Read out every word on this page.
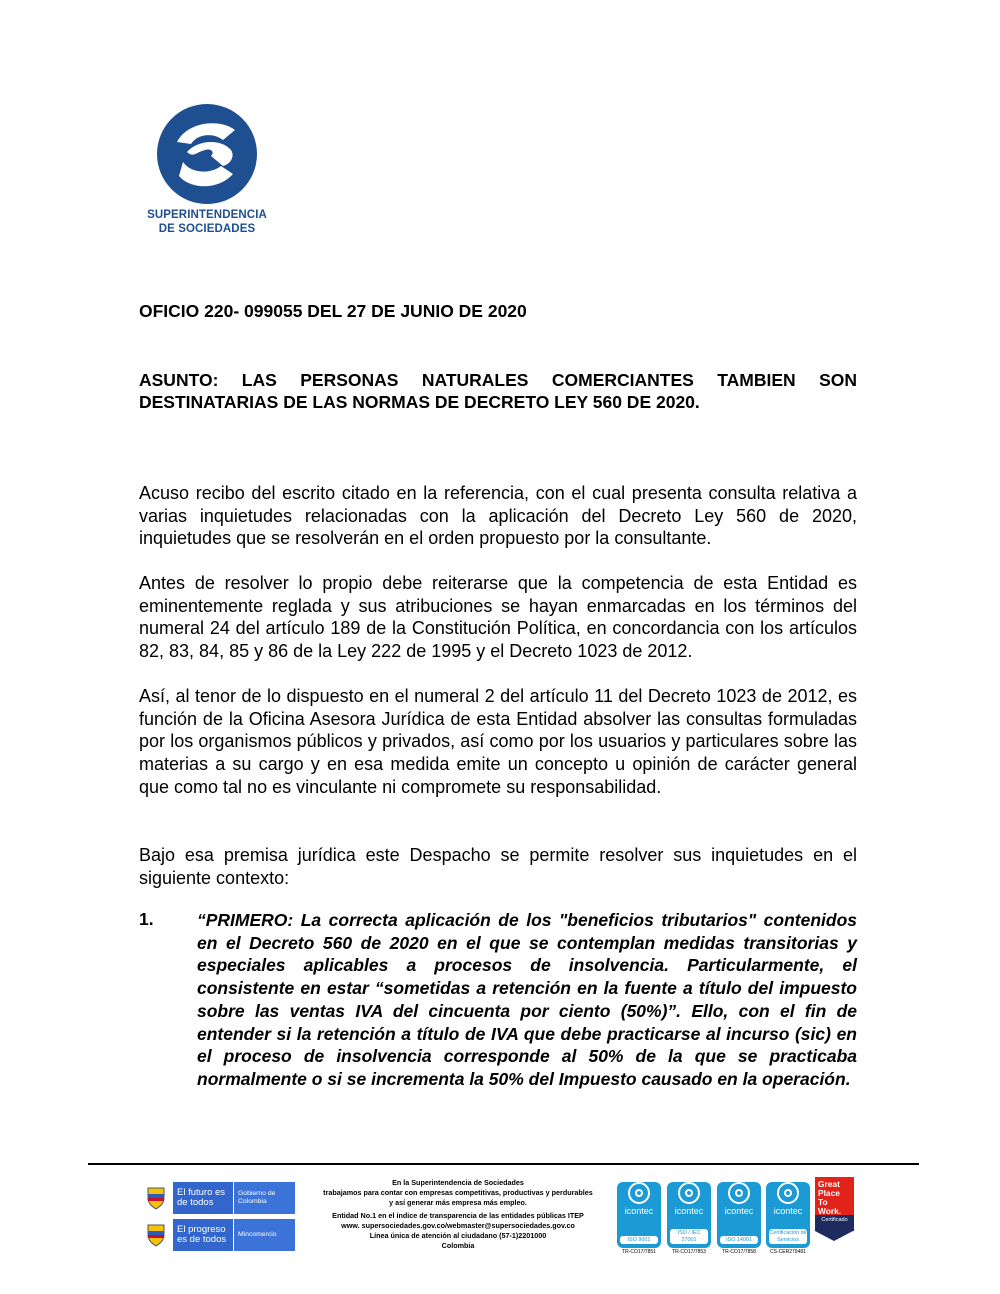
SUPERINTENDENCIA
DE SOCIEDADES
OFICIO 220- 099055 DEL 27 DE JUNIO DE 2020
ASUNTO: LAS PERSONAS NATURALES COMERCIANTES TAMBIEN SON DESTINATARIAS DE LAS NORMAS DE DECRETO LEY 560 DE 2020.
Acuso recibo del escrito citado en la referencia, con el cual presenta consulta relativa a varias inquietudes relacionadas con la aplicación del Decreto Ley 560 de 2020, inquietudes que se resolverán en el orden propuesto por la consultante.
Antes de resolver lo propio debe reiterarse que la competencia de esta Entidad es eminentemente reglada y sus atribuciones se hayan enmarcadas en los términos del numeral 24 del artículo 189 de la Constitución Política, en concordancia con los artículos 82, 83, 84, 85 y 86 de la Ley 222 de 1995 y el Decreto 1023 de 2012.
Así, al tenor de lo dispuesto en el numeral 2 del artículo 11 del Decreto 1023 de 2012, es función de la Oficina Asesora Jurídica de esta Entidad absolver las consultas formuladas por los organismos públicos y privados, así como por los usuarios y particulares sobre las materias a su cargo y en esa medida emite un concepto u opinión de carácter general que como tal no es vinculante ni compromete su responsabilidad.
Bajo esa premisa jurídica este Despacho se permite resolver sus inquietudes en el siguiente contexto:
1. “PRIMERO: La correcta aplicación de los "beneficios tributarios" contenidos en el Decreto 560 de 2020 en el que se contemplan medidas transitorias y especiales aplicables a procesos de insolvencia. Particularmente, el consistente en estar “sometidas a retención en la fuente a título del impuesto sobre las ventas IVA del cincuenta por ciento (50%)”. Ello, con el fin de entender si la retención a título de IVA que debe practicarse al incurso (sic) en el proceso de insolvencia corresponde al 50% de la que se practicaba normalmente o si se incrementa la 50% del Impuesto causado en la operación.
El futuro es de todos
Gobierno de Colombia
El progreso es de todos	Mincomercio
En la Superintendencia de Sociedades
trabajamos para contar con empresas competitivas, productivas y perdurables
y así generar más empresa más empleo.
Entidad No.1 en el índice de transparencia de las entidades públicas ITEP
www. supersociedades.gov.co/webmaster@supersociedades.gov.co
Línea única de atención al ciudadano (57-1)2201000
Colombia
icontec
ISO 9001
TR-CO17/7851
icontec
ISO / IEC 27001
TR-CO17/7853
icontec
ISO 14001
TR-CO17/7858
icontec
Certificación de Servicios
CS-CER279481
Great
Place
To
Work.
Certificado
